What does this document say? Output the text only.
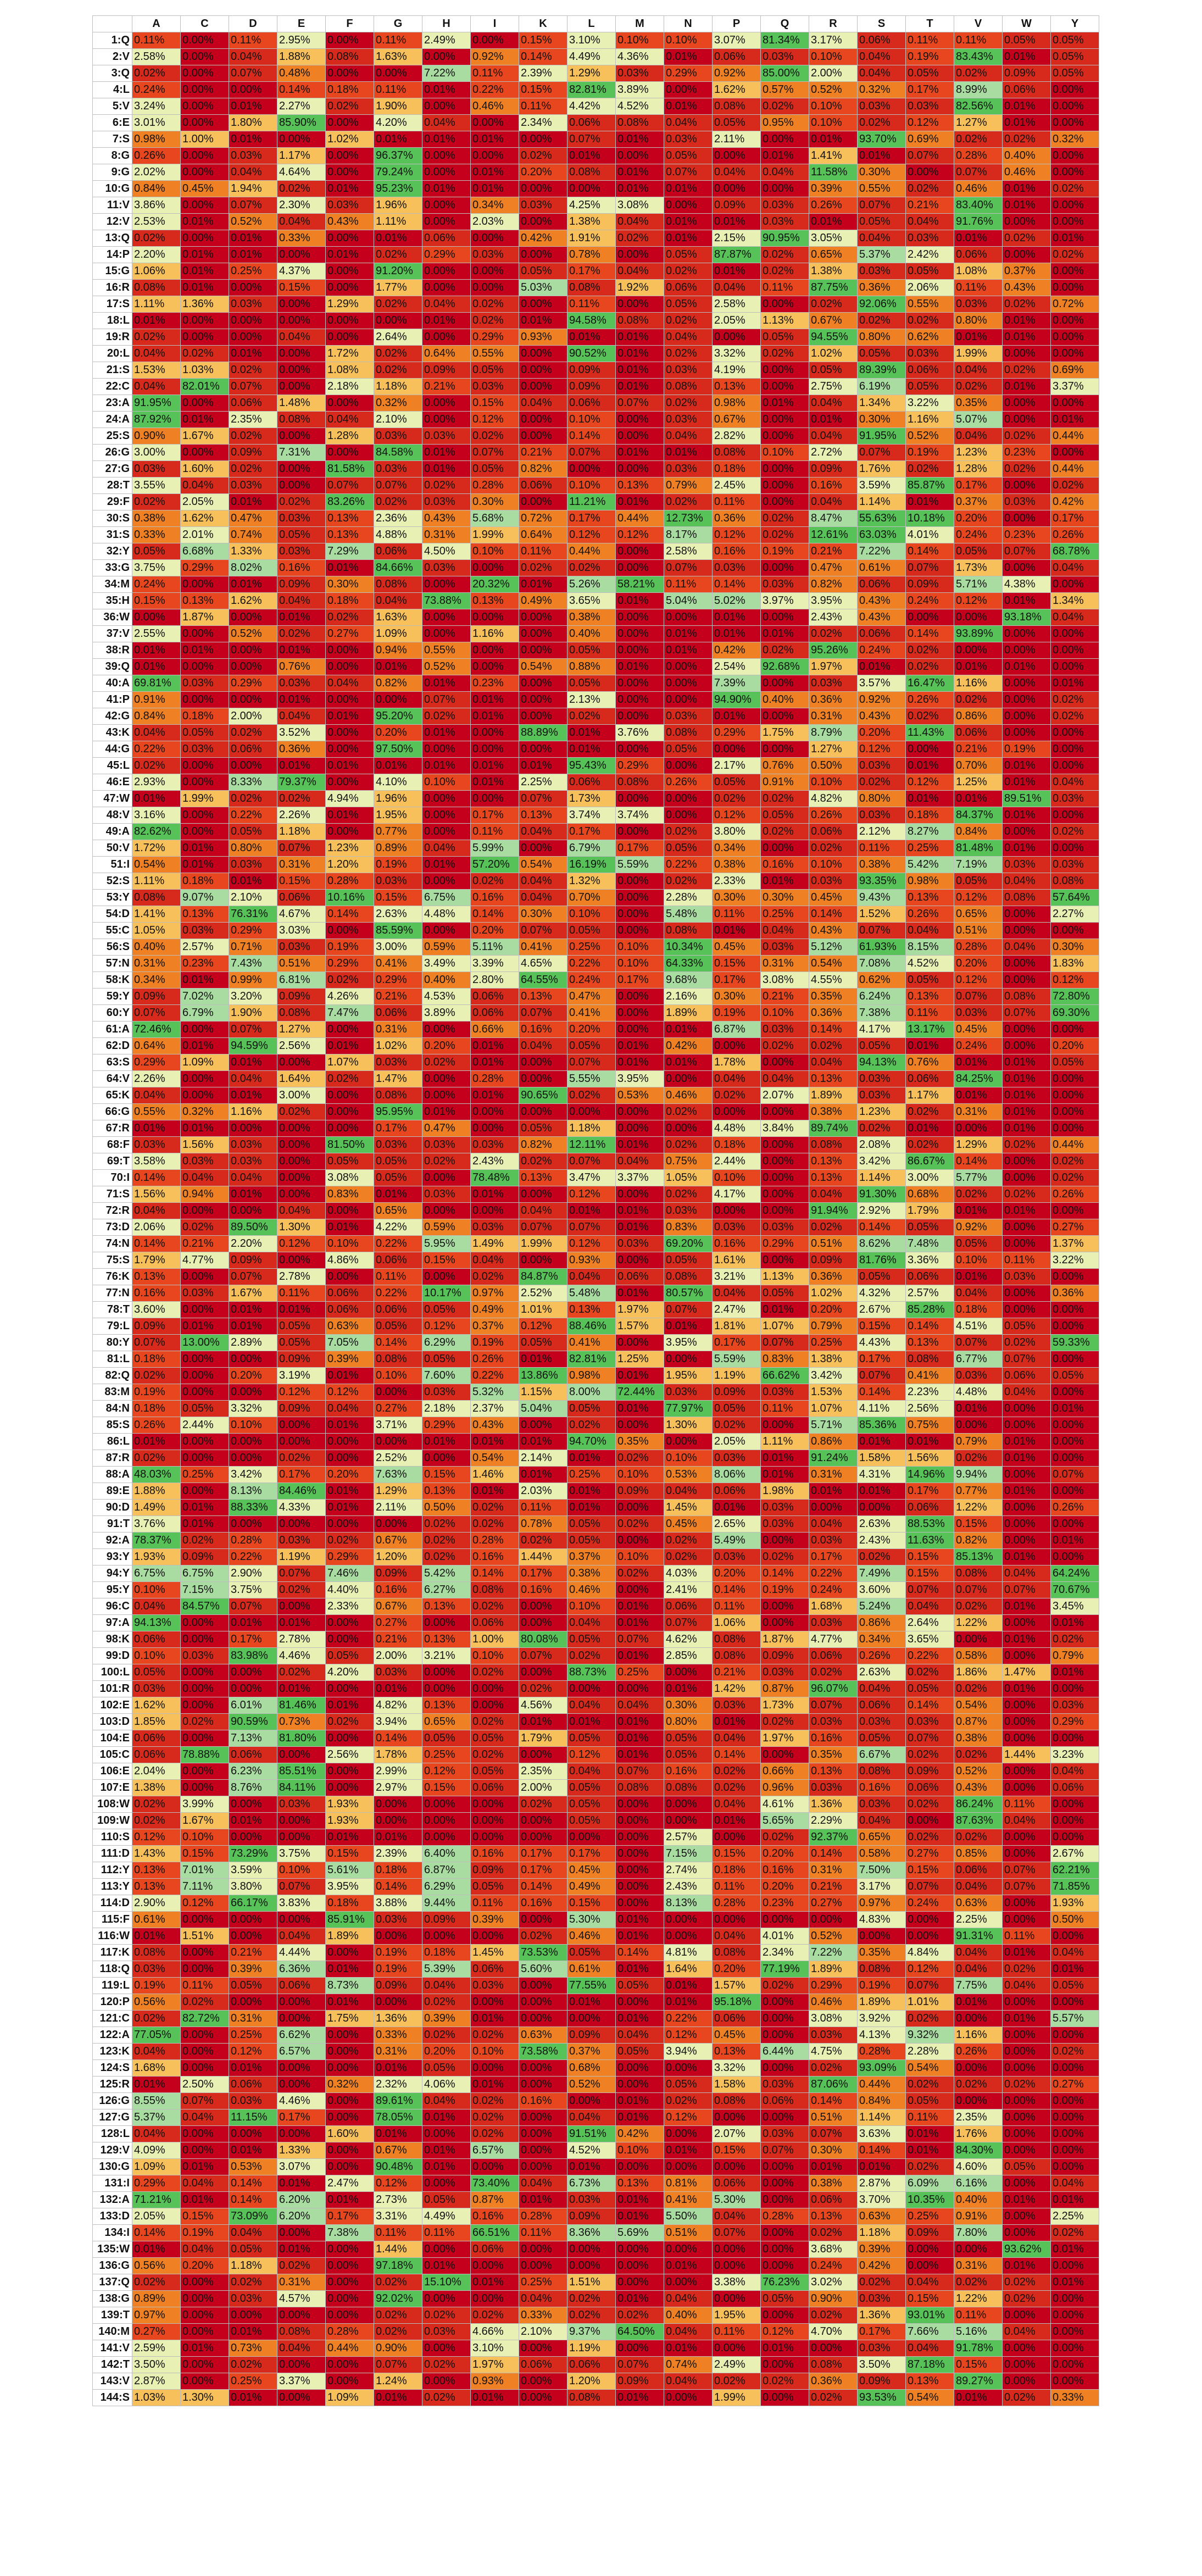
	A	C	D	E	F	G	H	I	K	L	M	N	P	Q	R	S	T	V	W	Y
1:Q	0.11%	0.00%	0.11%	2.95%	0.00%	0.11%	2.49%	0.00%	0.15%	3.10%	0.10%	0.10%	3.07%	81.34%	3.17%	0.06%	0.11%	0.11%	0.05%	0.05%
2:V	2.58%	0.00%	0.04%	1.88%	0.08%	1.63%	0.00%	0.92%	0.14%	4.49%	4.36%	0.01%	0.06%	0.03%	0.10%	0.04%	0.19%	83.43%	0.01%	0.05%
3:Q	0.02%	0.00%	0.07%	0.48%	0.00%	0.00%	7.22%	0.11%	2.39%	1.29%	0.03%	0.29%	0.92%	85.00%	2.00%	0.04%	0.05%	0.02%	0.09%	0.05%
4:L	0.24%	0.00%	0.00%	0.14%	0.18%	0.11%	0.01%	0.22%	0.15%	82.81%	3.89%	0.00%	1.62%	0.57%	0.52%	0.32%	0.17%	8.99%	0.06%	0.00%
5:V	3.24%	0.00%	0.01%	2.27%	0.02%	1.90%	0.00%	0.46%	0.11%	4.42%	4.52%	0.01%	0.08%	0.02%	0.10%	0.03%	0.03%	82.56%	0.01%	0.00%
6:E	3.01%	0.00%	1.80%	85.90%	0.00%	4.20%	0.04%	0.00%	2.34%	0.06%	0.08%	0.04%	0.05%	0.95%	0.10%	0.02%	0.12%	1.27%	0.01%	0.00%
7:S	0.98%	1.00%	0.01%	0.00%	1.02%	0.01%	0.01%	0.01%	0.00%	0.07%	0.01%	0.03%	2.11%	0.00%	0.01%	93.70%	0.69%	0.02%	0.02%	0.32%
8:G	0.26%	0.00%	0.03%	1.17%	0.00%	96.37%	0.00%	0.00%	0.02%	0.01%	0.00%	0.05%	0.00%	0.01%	1.41%	0.01%	0.07%	0.28%	0.40%	0.00%
9:G	2.02%	0.00%	0.04%	4.64%	0.00%	79.24%	0.00%	0.01%	0.20%	0.08%	0.01%	0.07%	0.04%	0.04%	11.58%	0.30%	0.00%	0.07%	0.46%	0.00%
10:G	0.84%	0.45%	1.94%	0.02%	0.01%	95.23%	0.01%	0.01%	0.00%	0.00%	0.01%	0.01%	0.00%	0.00%	0.39%	0.55%	0.02%	0.46%	0.01%	0.02%
11:V	3.86%	0.00%	0.07%	2.30%	0.03%	1.96%	0.00%	0.34%	0.03%	4.25%	3.08%	0.00%	0.09%	0.03%	0.26%	0.07%	0.21%	83.40%	0.01%	0.00%
12:V	2.53%	0.01%	0.52%	0.04%	0.43%	1.11%	0.00%	2.03%	0.00%	1.38%	0.04%	0.01%	0.01%	0.03%	0.01%	0.05%	0.04%	91.76%	0.00%	0.00%
13:Q	0.02%	0.00%	0.01%	0.33%	0.00%	0.01%	0.06%	0.00%	0.42%	1.91%	0.02%	0.01%	2.15%	90.95%	3.05%	0.04%	0.03%	0.01%	0.02%	0.01%
14:P	2.20%	0.01%	0.01%	0.00%	0.01%	0.02%	0.29%	0.03%	0.00%	0.78%	0.00%	0.05%	87.87%	0.02%	0.65%	5.37%	2.42%	0.06%	0.00%	0.02%
15:G	1.06%	0.01%	0.25%	4.37%	0.00%	91.20%	0.00%	0.00%	0.05%	0.17%	0.04%	0.02%	0.01%	0.02%	1.38%	0.03%	0.05%	1.08%	0.37%	0.00%
16:R	0.08%	0.01%	0.00%	0.15%	0.00%	1.77%	0.00%	0.00%	5.03%	0.08%	1.92%	0.06%	0.04%	0.11%	87.75%	0.36%	2.06%	0.11%	0.43%	0.00%
17:S	1.11%	1.36%	0.03%	0.00%	1.29%	0.02%	0.04%	0.02%	0.00%	0.11%	0.00%	0.05%	2.58%	0.00%	0.02%	92.06%	0.55%	0.03%	0.02%	0.72%
18:L	0.01%	0.00%	0.00%	0.00%	0.00%	0.00%	0.01%	0.02%	0.01%	94.58%	0.08%	0.02%	2.05%	1.13%	0.67%	0.02%	0.02%	0.80%	0.01%	0.00%
19:R	0.02%	0.00%	0.00%	0.04%	0.00%	2.64%	0.00%	0.29%	0.93%	0.01%	0.01%	0.04%	0.00%	0.05%	94.55%	0.80%	0.62%	0.01%	0.01%	0.00%
20:L	0.04%	0.02%	0.01%	0.00%	1.72%	0.02%	0.64%	0.55%	0.00%	90.52%	0.01%	0.02%	3.32%	0.02%	1.02%	0.05%	0.03%	1.99%	0.00%	0.00%
21:S	1.53%	1.03%	0.02%	0.00%	1.08%	0.02%	0.09%	0.05%	0.00%	0.09%	0.01%	0.03%	4.19%	0.00%	0.05%	89.39%	0.06%	0.04%	0.02%	0.69%
22:C	0.04%	82.01%	0.07%	0.00%	2.18%	1.18%	0.21%	0.03%	0.00%	0.09%	0.01%	0.08%	0.13%	0.00%	2.75%	6.19%	0.05%	0.02%	0.01%	3.37%
23:A	91.95%	0.00%	0.06%	1.48%	0.00%	0.32%	0.00%	0.15%	0.04%	0.06%	0.07%	0.02%	0.98%	0.01%	0.04%	1.34%	3.22%	0.35%	0.00%	0.00%
24:A	87.92%	0.01%	2.35%	0.08%	0.04%	2.10%	0.00%	0.12%	0.00%	0.10%	0.00%	0.03%	0.67%	0.00%	0.01%	0.30%	1.16%	5.07%	0.00%	0.01%
25:S	0.90%	1.67%	0.02%	0.00%	1.28%	0.03%	0.03%	0.02%	0.00%	0.14%	0.00%	0.04%	2.82%	0.00%	0.04%	91.95%	0.52%	0.04%	0.02%	0.44%
26:G	3.00%	0.00%	0.09%	7.31%	0.00%	84.58%	0.01%	0.07%	0.21%	0.07%	0.01%	0.01%	0.08%	0.10%	2.72%	0.07%	0.19%	1.23%	0.23%	0.00%
27:G	0.03%	1.60%	0.02%	0.00%	81.58%	0.03%	0.01%	0.05%	0.82%	0.00%	0.00%	0.03%	0.18%	0.00%	0.09%	1.76%	0.02%	1.28%	0.02%	0.44%
28:T	3.55%	0.04%	0.03%	0.00%	0.07%	0.07%	0.02%	0.28%	0.06%	0.10%	0.13%	0.79%	2.45%	0.00%	0.16%	3.59%	85.87%	0.17%	0.00%	0.02%
29:F	0.02%	2.05%	0.01%	0.02%	83.26%	0.02%	0.03%	0.30%	0.00%	11.21%	0.01%	0.02%	0.11%	0.00%	0.04%	1.14%	0.01%	0.37%	0.03%	0.42%
30:S	0.38%	1.62%	0.47%	0.03%	0.13%	2.36%	0.43%	5.68%	0.72%	0.17%	0.44%	12.73%	0.36%	0.02%	8.47%	55.63%	10.18%	0.20%	0.00%	0.17%
31:S	0.33%	2.01%	0.74%	0.05%	0.13%	4.88%	0.31%	1.99%	0.64%	0.12%	0.12%	8.17%	0.12%	0.02%	12.61%	63.03%	4.01%	0.24%	0.23%	0.26%
32:Y	0.05%	6.68%	1.33%	0.03%	7.29%	0.06%	4.50%	0.10%	0.11%	0.44%	0.00%	2.58%	0.16%	0.19%	0.21%	7.22%	0.14%	0.05%	0.07%	68.78%
33:G	3.75%	0.29%	8.02%	0.16%	0.01%	84.66%	0.03%	0.00%	0.02%	0.02%	0.00%	0.07%	0.03%	0.00%	0.47%	0.61%	0.07%	1.73%	0.00%	0.04%
34:M	0.24%	0.00%	0.01%	0.09%	0.30%	0.08%	0.00%	20.32%	0.01%	5.26%	58.21%	0.11%	0.14%	0.03%	0.82%	0.06%	0.09%	5.71%	4.38%	0.00%
35:H	0.15%	0.13%	1.62%	0.04%	0.18%	0.04%	73.88%	0.13%	0.49%	3.65%	0.01%	5.04%	5.02%	3.97%	3.95%	0.43%	0.24%	0.12%	0.01%	1.34%
36:W	0.00%	1.87%	0.00%	0.01%	0.02%	1.63%	0.00%	0.00%	0.00%	0.38%	0.00%	0.00%	0.01%	0.00%	2.43%	0.43%	0.00%	0.00%	93.18%	0.04%
37:V	2.55%	0.00%	0.52%	0.02%	0.27%	1.09%	0.00%	1.16%	0.00%	0.40%	0.00%	0.01%	0.01%	0.01%	0.02%	0.06%	0.14%	93.89%	0.00%	0.00%
38:R	0.01%	0.01%	0.00%	0.01%	0.00%	0.94%	0.55%	0.00%	0.00%	0.05%	0.00%	0.01%	0.42%	0.02%	95.26%	0.24%	0.02%	0.00%	0.00%	0.00%
39:Q	0.01%	0.00%	0.00%	0.76%	0.00%	0.01%	0.52%	0.00%	0.54%	0.88%	0.01%	0.00%	2.54%	92.68%	1.97%	0.01%	0.02%	0.01%	0.01%	0.00%
40:A	69.81%	0.03%	0.29%	0.03%	0.04%	0.82%	0.01%	0.23%	0.00%	0.05%	0.00%	0.00%	7.39%	0.00%	0.03%	3.57%	16.47%	1.16%	0.00%	0.01%
41:P	0.91%	0.00%	0.00%	0.01%	0.00%	0.00%	0.07%	0.01%	0.00%	2.13%	0.00%	0.00%	94.90%	0.40%	0.36%	0.92%	0.26%	0.02%	0.00%	0.02%
42:G	0.84%	0.18%	2.00%	0.04%	0.01%	95.20%	0.02%	0.01%	0.00%	0.02%	0.00%	0.03%	0.01%	0.00%	0.31%	0.43%	0.02%	0.86%	0.00%	0.02%
43:K	0.04%	0.05%	0.02%	3.52%	0.00%	0.20%	0.01%	0.00%	88.89%	0.01%	3.76%	0.08%	0.29%	1.75%	8.79%	0.20%	11.43%	0.06%	0.00%	0.00%
44:G	0.22%	0.03%	0.06%	0.36%	0.00%	97.50%	0.00%	0.00%	0.00%	0.01%	0.00%	0.05%	0.00%	0.00%	1.27%	0.12%	0.00%	0.21%	0.19%	0.00%
45:L	0.02%	0.00%	0.00%	0.01%	0.01%	0.01%	0.01%	0.01%	0.01%	95.43%	0.29%	0.00%	2.17%	0.76%	0.50%	0.03%	0.01%	0.70%	0.01%	0.00%
46:E	2.93%	0.00%	8.33%	79.37%	0.00%	4.10%	0.10%	0.01%	2.25%	0.06%	0.08%	0.26%	0.05%	0.91%	0.10%	0.02%	0.12%	1.25%	0.01%	0.04%
47:W	0.01%	1.99%	0.02%	0.02%	4.94%	1.96%	0.00%	0.00%	0.07%	1.73%	0.00%	0.00%	0.02%	0.02%	4.82%	0.80%	0.01%	0.01%	89.51%	0.03%
48:V	3.16%	0.00%	0.22%	2.26%	0.01%	1.95%	0.00%	0.17%	0.13%	3.74%	3.74%	0.00%	0.12%	0.05%	0.26%	0.03%	0.18%	84.37%	0.01%	0.00%
49:A	82.62%	0.00%	0.05%	1.18%	0.00%	0.77%	0.00%	0.11%	0.04%	0.17%	0.00%	0.02%	3.80%	0.02%	0.06%	2.12%	8.27%	0.84%	0.00%	0.02%
50:V	1.72%	0.01%	0.80%	0.07%	1.23%	0.89%	0.04%	5.99%	0.00%	6.79%	0.17%	0.05%	0.34%	0.00%	0.02%	0.11%	0.25%	81.48%	0.01%	0.00%
51:I	0.54%	0.01%	0.03%	0.31%	1.20%	0.19%	0.01%	57.20%	0.54%	16.19%	5.59%	0.22%	0.38%	0.16%	0.10%	0.38%	5.42%	7.19%	0.03%	0.03%
52:S	1.11%	0.18%	0.01%	0.15%	0.28%	0.03%	0.00%	0.02%	0.04%	1.32%	0.00%	0.02%	2.33%	0.01%	0.03%	93.35%	0.98%	0.05%	0.04%	0.08%
53:Y	0.08%	9.07%	2.10%	0.06%	10.16%	0.15%	6.75%	0.16%	0.04%	0.70%	0.00%	2.28%	0.30%	0.30%	0.45%	9.43%	0.13%	0.12%	0.08%	57.64%
54:D	1.41%	0.13%	76.31%	4.67%	0.14%	2.63%	4.48%	0.14%	0.30%	0.10%	0.00%	5.48%	0.11%	0.25%	0.14%	1.52%	0.26%	0.65%	0.00%	2.27%
55:C	1.05%	0.03%	0.29%	3.03%	0.00%	85.59%	0.00%	0.20%	0.07%	0.05%	0.00%	0.08%	0.01%	0.04%	0.43%	0.07%	0.04%	0.51%	0.00%	0.00%
56:S	0.40%	2.57%	0.71%	0.03%	0.19%	3.00%	0.59%	5.11%	0.41%	0.25%	0.10%	10.34%	0.45%	0.03%	5.12%	61.93%	8.15%	0.28%	0.04%	0.30%
57:N	0.31%	0.23%	7.43%	0.51%	0.29%	0.41%	3.49%	3.39%	4.65%	0.22%	0.10%	64.33%	0.15%	0.31%	0.54%	7.08%	4.52%	0.20%	0.00%	1.83%
58:K	0.34%	0.01%	0.99%	6.81%	0.02%	0.29%	0.40%	2.80%	64.55%	0.24%	0.17%	9.68%	0.17%	3.08%	4.55%	0.62%	0.05%	0.12%	0.00%	0.12%
59:Y	0.09%	7.02%	3.20%	0.09%	4.26%	0.21%	4.53%	0.06%	0.13%	0.47%	0.00%	2.16%	0.30%	0.21%	0.35%	6.24%	0.13%	0.07%	0.08%	72.80%
60:Y	0.07%	6.79%	1.90%	0.08%	7.47%	0.06%	3.89%	0.06%	0.07%	0.41%	0.00%	1.89%	0.19%	0.10%	0.36%	7.38%	0.11%	0.03%	0.07%	69.30%
61:A	72.46%	0.00%	0.07%	1.27%	0.00%	0.31%	0.00%	0.66%	0.16%	0.20%	0.00%	0.01%	6.87%	0.03%	0.14%	4.17%	13.17%	0.45%	0.00%	0.00%
62:D	0.64%	0.01%	94.59%	2.56%	0.01%	1.02%	0.20%	0.01%	0.04%	0.05%	0.01%	0.42%	0.00%	0.02%	0.02%	0.05%	0.01%	0.24%	0.00%	0.20%
63:S	0.29%	1.09%	0.01%	0.00%	1.07%	0.03%	0.02%	0.01%	0.00%	0.07%	0.01%	0.01%	1.78%	0.00%	0.04%	94.13%	0.76%	0.01%	0.01%	0.05%
64:V	2.26%	0.00%	0.04%	1.64%	0.02%	1.47%	0.00%	0.28%	0.00%	5.55%	3.95%	0.00%	0.04%	0.04%	0.13%	0.03%	0.06%	84.25%	0.01%	0.00%
65:K	0.04%	0.00%	0.01%	3.00%	0.00%	0.08%	0.00%	0.01%	90.65%	0.02%	0.53%	0.46%	0.02%	2.07%	1.89%	0.03%	1.17%	0.01%	0.01%	0.00%
66:G	0.55%	0.32%	1.16%	0.02%	0.00%	95.95%	0.01%	0.00%	0.00%	0.00%	0.00%	0.02%	0.00%	0.00%	0.38%	1.23%	0.02%	0.31%	0.01%	0.00%
67:R	0.01%	0.01%	0.00%	0.00%	0.00%	0.17%	0.47%	0.00%	0.05%	1.18%	0.00%	0.00%	4.48%	3.84%	89.74%	0.02%	0.01%	0.00%	0.01%	0.00%
68:F	0.03%	1.56%	0.03%	0.00%	81.50%	0.03%	0.03%	0.03%	0.82%	12.11%	0.01%	0.02%	0.18%	0.00%	0.08%	2.08%	0.02%	1.29%	0.02%	0.44%
69:T	3.58%	0.03%	0.03%	0.00%	0.05%	0.05%	0.02%	2.43%	0.02%	0.07%	0.04%	0.75%	2.44%	0.00%	0.13%	3.42%	86.67%	0.14%	0.00%	0.02%
70:I	0.14%	0.04%	0.04%	0.00%	3.08%	0.05%	0.00%	78.48%	0.13%	3.47%	3.37%	1.05%	0.10%	0.00%	0.13%	1.14%	3.00%	5.77%	0.00%	0.02%
71:S	1.56%	0.94%	0.01%	0.00%	0.83%	0.01%	0.03%	0.01%	0.00%	0.12%	0.00%	0.02%	4.17%	0.00%	0.04%	91.30%	0.68%	0.02%	0.02%	0.26%
72:R	0.04%	0.00%	0.00%	0.04%	0.00%	0.65%	0.00%	0.00%	0.04%	0.01%	0.01%	0.03%	0.00%	0.00%	91.94%	2.92%	1.79%	0.01%	0.01%	0.00%
73:D	2.06%	0.02%	89.50%	1.30%	0.01%	4.22%	0.59%	0.03%	0.07%	0.07%	0.01%	0.83%	0.03%	0.03%	0.02%	0.14%	0.05%	0.92%	0.00%	0.27%
74:N	0.14%	0.21%	2.20%	0.12%	0.10%	0.22%	5.95%	1.49%	1.99%	0.12%	0.03%	69.20%	0.16%	0.29%	0.51%	8.62%	7.48%	0.05%	0.00%	1.37%
75:S	1.79%	4.77%	0.09%	0.00%	4.86%	0.06%	0.15%	0.04%	0.00%	0.93%	0.00%	0.05%	1.61%	0.00%	0.09%	81.76%	3.36%	0.10%	0.11%	3.22%
76:K	0.13%	0.00%	0.07%	2.78%	0.00%	0.11%	0.00%	0.02%	84.87%	0.04%	0.06%	0.08%	3.21%	1.13%	0.36%	0.05%	0.06%	0.01%	0.03%	0.00%
77:N	0.16%	0.03%	1.67%	0.11%	0.06%	0.22%	10.17%	0.97%	2.52%	5.48%	0.01%	80.57%	0.04%	0.05%	1.02%	4.32%	2.57%	0.04%	0.00%	0.36%
78:T	3.60%	0.00%	0.01%	0.01%	0.06%	0.06%	0.05%	0.49%	1.01%	0.13%	1.97%	0.07%	2.47%	0.01%	0.20%	2.67%	85.28%	0.18%	0.00%	0.00%
79:L	0.09%	0.01%	0.01%	0.05%	0.63%	0.05%	0.12%	0.37%	0.12%	88.46%	1.57%	0.01%	1.81%	1.07%	0.79%	0.15%	0.14%	4.51%	0.05%	0.00%
80:Y	0.07%	13.00%	2.89%	0.05%	7.05%	0.14%	6.29%	0.19%	0.05%	0.41%	0.00%	3.95%	0.17%	0.07%	0.25%	4.43%	0.13%	0.07%	0.02%	59.33%
81:L	0.18%	0.00%	0.00%	0.09%	0.39%	0.08%	0.05%	0.26%	0.01%	82.81%	1.25%	0.00%	5.59%	0.83%	1.38%	0.17%	0.08%	6.77%	0.07%	0.00%
82:Q	0.02%	0.00%	0.20%	3.19%	0.01%	0.10%	7.60%	0.22%	13.86%	0.98%	0.01%	1.95%	1.19%	66.62%	3.42%	0.07%	0.41%	0.03%	0.06%	0.05%
83:M	0.19%	0.00%	0.00%	0.12%	0.12%	0.00%	0.03%	5.32%	1.15%	8.00%	72.44%	0.03%	0.09%	0.03%	1.53%	0.14%	2.23%	4.48%	0.04%	0.00%
84:N	0.18%	0.05%	3.32%	0.09%	0.04%	0.27%	2.18%	2.37%	5.04%	0.05%	0.01%	77.97%	0.05%	0.11%	1.07%	4.11%	2.56%	0.01%	0.00%	0.01%
85:S	0.26%	2.44%	0.10%	0.00%	0.01%	3.71%	0.29%	0.43%	0.00%	0.02%	0.00%	1.30%	0.02%	0.00%	5.71%	85.36%	0.75%	0.00%	0.00%	0.00%
86:L	0.01%	0.00%	0.00%	0.00%	0.00%	0.00%	0.01%	0.01%	0.01%	94.70%	0.35%	0.00%	2.05%	1.11%	0.86%	0.01%	0.01%	0.79%	0.01%	0.00%
87:R	0.02%	0.00%	0.00%	0.02%	0.00%	2.52%	0.00%	0.54%	2.14%	0.01%	0.02%	0.10%	0.03%	0.01%	91.24%	1.58%	1.56%	0.02%	0.01%	0.00%
88:A	48.03%	0.25%	3.42%	0.17%	0.20%	7.63%	0.15%	1.46%	0.01%	0.25%	0.10%	0.53%	8.06%	0.01%	0.31%	4.31%	14.96%	9.94%	0.00%	0.07%
89:E	1.88%	0.00%	8.13%	84.46%	0.01%	1.29%	0.13%	0.01%	2.03%	0.01%	0.09%	0.04%	0.06%	1.98%	0.01%	0.01%	0.17%	0.77%	0.01%	0.00%
90:D	1.49%	0.01%	88.33%	4.33%	0.01%	2.11%	0.50%	0.02%	0.11%	0.01%	0.00%	1.45%	0.01%	0.03%	0.00%	0.00%	0.06%	1.22%	0.00%	0.26%
91:T	3.76%	0.01%	0.00%	0.00%	0.00%	0.00%	0.02%	0.02%	0.78%	0.05%	0.02%	0.45%	2.65%	0.03%	0.04%	2.63%	88.53%	0.15%	0.00%	0.00%
92:A	78.37%	0.02%	0.28%	0.03%	0.02%	0.67%	0.02%	0.28%	0.02%	0.05%	0.00%	0.02%	5.49%	0.00%	0.03%	2.43%	11.63%	0.82%	0.00%	0.01%
93:Y	1.93%	0.09%	0.22%	1.19%	0.29%	1.20%	0.02%	0.16%	1.44%	0.37%	0.10%	0.02%	0.03%	0.02%	0.17%	0.02%	0.15%	85.13%	0.01%	0.00%
94:Y	6.75%	6.75%	2.90%	0.07%	7.46%	0.09%	5.42%	0.14%	0.17%	0.38%	0.02%	4.03%	0.20%	0.14%	0.22%	7.49%	0.15%	0.08%	0.04%	64.24%
95:Y	0.10%	7.15%	3.75%	0.02%	4.40%	0.16%	6.27%	0.08%	0.16%	0.46%	0.00%	2.41%	0.14%	0.19%	0.24%	3.60%	0.07%	0.07%	0.07%	70.67%
96:C	0.04%	84.57%	0.07%	0.00%	2.33%	0.67%	0.13%	0.02%	0.00%	0.10%	0.01%	0.06%	0.11%	0.00%	1.68%	5.24%	0.04%	0.02%	0.01%	3.45%
97:A	94.13%	0.00%	0.01%	0.01%	0.00%	0.27%	0.00%	0.06%	0.00%	0.04%	0.01%	0.07%	1.06%	0.00%	0.03%	0.86%	2.64%	1.22%	0.00%	0.01%
98:K	0.06%	0.00%	0.17%	2.78%	0.00%	0.21%	0.13%	1.00%	80.08%	0.05%	0.07%	4.62%	0.08%	1.87%	4.77%	0.34%	3.65%	0.00%	0.01%	0.02%
99:D	0.10%	0.03%	83.98%	4.46%	0.05%	2.00%	3.21%	0.10%	0.07%	0.02%	0.01%	2.85%	0.08%	0.09%	0.06%	0.26%	0.22%	0.58%	0.00%	0.79%
100:L	0.05%	0.00%	0.00%	0.02%	4.20%	0.03%	0.00%	0.02%	0.00%	88.73%	0.25%	0.00%	0.21%	0.03%	0.02%	2.63%	0.02%	1.86%	1.47%	0.01%
101:R	0.03%	0.00%	0.00%	0.01%	0.00%	0.01%	0.00%	0.00%	0.02%	0.00%	0.00%	0.01%	1.42%	0.87%	96.07%	0.04%	0.05%	0.02%	0.01%	0.00%
102:E	1.62%	0.00%	6.01%	81.46%	0.01%	4.82%	0.13%	0.00%	4.56%	0.04%	0.04%	0.30%	0.03%	1.73%	0.07%	0.06%	0.14%	0.54%	0.00%	0.03%
103:D	1.85%	0.02%	90.59%	0.73%	0.02%	3.94%	0.65%	0.02%	0.01%	0.01%	0.01%	0.80%	0.01%	0.02%	0.03%	0.03%	0.03%	0.87%	0.00%	0.29%
104:E	0.06%	0.00%	7.13%	81.80%	0.00%	0.14%	0.05%	0.05%	1.79%	0.05%	0.01%	0.05%	0.04%	1.97%	0.16%	0.05%	0.07%	0.38%	0.00%	0.00%
105:C	0.06%	78.88%	0.06%	0.00%	2.56%	1.78%	0.25%	0.02%	0.00%	0.12%	0.01%	0.05%	0.14%	0.00%	0.35%	6.67%	0.02%	0.02%	1.44%	3.23%
106:E	2.04%	0.00%	6.23%	85.51%	0.00%	2.99%	0.12%	0.05%	2.35%	0.04%	0.07%	0.16%	0.02%	0.66%	0.13%	0.08%	0.09%	0.52%	0.00%	0.04%
107:E	1.38%	0.00%	8.76%	84.11%	0.00%	2.97%	0.15%	0.06%	2.00%	0.05%	0.08%	0.08%	0.02%	0.96%	0.03%	0.16%	0.06%	0.43%	0.00%	0.06%
108:W	0.02%	3.99%	0.00%	0.03%	1.93%	0.00%	0.00%	0.00%	0.02%	0.05%	0.00%	0.00%	0.04%	4.61%	1.36%	0.03%	0.02%	86.24%	0.11%	0.00%
109:W	0.02%	1.67%	0.01%	0.00%	1.93%	0.00%	0.00%	0.00%	0.00%	0.05%	0.00%	0.00%	0.01%	5.65%	2.29%	0.04%	0.00%	87.63%	0.04%	0.00%
110:S	0.12%	0.10%	0.00%	0.00%	0.01%	0.01%	0.00%	0.00%	0.00%	0.00%	0.00%	2.57%	0.00%	0.02%	92.37%	0.65%	0.02%	0.02%	0.00%	0.00%
111:D	1.43%	0.15%	73.29%	3.75%	0.15%	2.39%	6.40%	0.16%	0.17%	0.17%	0.00%	7.15%	0.15%	0.20%	0.14%	0.58%	0.27%	0.85%	0.00%	2.67%
112:Y	0.13%	7.01%	3.59%	0.10%	5.61%	0.18%	6.87%	0.09%	0.17%	0.45%	0.00%	2.74%	0.18%	0.16%	0.31%	7.50%	0.15%	0.06%	0.07%	62.21%
113:Y	0.13%	7.11%	3.80%	0.07%	3.95%	0.14%	6.29%	0.05%	0.14%	0.49%	0.00%	2.43%	0.11%	0.20%	0.21%	3.17%	0.07%	0.04%	0.07%	71.85%
114:D	2.90%	0.12%	66.17%	3.83%	0.18%	3.88%	9.44%	0.11%	0.16%	0.15%	0.00%	8.13%	0.28%	0.23%	0.27%	0.97%	0.24%	0.63%	0.00%	1.93%
115:F	0.61%	0.00%	0.00%	0.00%	85.91%	0.03%	0.09%	0.39%	0.00%	5.30%	0.01%	0.00%	0.00%	0.00%	0.00%	4.83%	0.00%	2.25%	0.00%	0.50%
116:W	0.01%	1.51%	0.00%	0.04%	1.89%	0.00%	0.00%	0.00%	0.02%	0.46%	0.01%	0.00%	0.04%	4.01%	0.52%	0.00%	0.00%	91.31%	0.11%	0.00%
117:K	0.08%	0.00%	0.21%	4.44%	0.00%	0.19%	0.18%	1.45%	73.53%	0.05%	0.14%	4.81%	0.08%	2.34%	7.22%	0.35%	4.84%	0.04%	0.01%	0.04%
118:Q	0.03%	0.00%	0.39%	6.36%	0.01%	0.19%	5.39%	0.06%	5.60%	0.61%	0.01%	1.64%	0.20%	77.19%	1.89%	0.08%	0.12%	0.04%	0.02%	0.01%
119:L	0.19%	0.11%	0.05%	0.06%	8.73%	0.09%	0.04%	0.03%	0.00%	77.55%	0.05%	0.01%	1.57%	0.02%	0.29%	0.19%	0.07%	7.75%	0.04%	0.05%
120:P	0.56%	0.02%	0.00%	0.00%	0.01%	0.00%	0.02%	0.00%	0.00%	0.01%	0.00%	0.01%	95.18%	0.00%	0.46%	1.89%	1.01%	0.01%	0.00%	0.00%
121:C	0.02%	82.72%	0.31%	0.00%	1.75%	1.36%	0.39%	0.01%	0.00%	0.00%	0.01%	0.22%	0.06%	0.00%	3.08%	3.92%	0.02%	0.00%	0.01%	5.57%
122:A	77.05%	0.00%	0.25%	6.62%	0.00%	0.33%	0.02%	0.02%	0.63%	0.09%	0.04%	0.12%	0.45%	0.00%	0.03%	4.13%	9.32%	1.16%	0.00%	0.00%
123:K	0.04%	0.00%	0.12%	6.57%	0.00%	0.31%	0.20%	0.10%	73.58%	0.37%	0.05%	3.94%	0.13%	6.44%	4.75%	0.28%	2.28%	0.26%	0.00%	0.02%
124:S	1.68%	0.00%	0.01%	0.00%	0.00%	0.01%	0.05%	0.00%	0.00%	0.68%	0.00%	0.00%	3.32%	0.00%	0.02%	93.09%	0.54%	0.00%	0.00%	0.00%
125:R	0.01%	2.50%	0.06%	0.00%	0.32%	2.32%	4.06%	0.01%	0.00%	0.52%	0.00%	0.05%	1.58%	0.03%	87.06%	0.44%	0.02%	0.02%	0.02%	0.27%
126:G	8.55%	0.07%	0.03%	4.46%	0.00%	89.61%	0.04%	0.02%	0.16%	0.00%	0.01%	0.02%	0.08%	0.06%	0.14%	0.84%	0.05%	0.00%	0.00%	0.00%
127:G	5.37%	0.04%	11.15%	0.17%	0.00%	78.05%	0.01%	0.02%	0.00%	0.04%	0.01%	0.12%	0.00%	0.00%	0.51%	1.14%	0.11%	2.35%	0.00%	0.00%
128:L	0.04%	0.00%	0.00%	0.00%	1.60%	0.01%	0.00%	0.02%	0.00%	91.51%	0.42%	0.00%	2.07%	0.03%	0.07%	3.63%	0.01%	1.76%	0.00%	0.00%
129:V	4.09%	0.00%	0.01%	1.33%	0.00%	0.67%	0.01%	6.57%	0.00%	4.52%	0.10%	0.01%	0.15%	0.07%	0.30%	0.14%	0.01%	84.30%	0.00%	0.00%
130:G	1.09%	0.01%	0.53%	3.07%	0.00%	90.48%	0.01%	0.00%	0.00%	0.01%	0.00%	0.00%	0.00%	0.00%	0.01%	0.01%	0.02%	4.60%	0.05%	0.00%
131:I	0.29%	0.04%	0.14%	0.01%	2.47%	0.12%	0.00%	73.40%	0.04%	6.73%	0.13%	0.81%	0.06%	0.00%	0.38%	2.87%	6.09%	6.16%	0.00%	0.04%
132:A	71.21%	0.01%	0.14%	6.20%	0.01%	2.73%	0.05%	0.87%	0.01%	0.03%	0.01%	0.41%	5.30%	0.00%	0.06%	3.70%	10.35%	0.40%	0.01%	0.01%
133:D	2.05%	0.15%	73.09%	6.20%	0.17%	3.31%	4.49%	0.16%	0.28%	0.09%	0.01%	5.50%	0.04%	0.28%	0.13%	0.63%	0.25%	0.91%	0.00%	2.25%
134:I	0.14%	0.19%	0.04%	0.00%	7.38%	0.11%	0.11%	66.51%	0.11%	8.36%	5.69%	0.51%	0.07%	0.00%	0.02%	1.18%	0.09%	7.80%	0.00%	0.02%
135:W	0.01%	0.04%	0.05%	0.01%	0.00%	1.44%	0.00%	0.06%	0.00%	0.00%	0.00%	0.00%	0.00%	0.00%	3.68%	0.39%	0.00%	0.00%	93.62%	0.01%
136:G	0.56%	0.20%	1.18%	0.02%	0.00%	97.18%	0.01%	0.00%	0.00%	0.00%	0.00%	0.01%	0.00%	0.00%	0.24%	0.42%	0.00%	0.31%	0.01%	0.00%
137:Q	0.02%	0.00%	0.02%	0.31%	0.00%	0.02%	15.10%	0.01%	0.25%	1.51%	0.00%	0.00%	3.38%	76.23%	3.02%	0.02%	0.04%	0.02%	0.02%	0.01%
138:G	0.89%	0.00%	0.03%	4.57%	0.00%	92.02%	0.00%	0.00%	0.04%	0.02%	0.01%	0.04%	0.00%	0.05%	0.90%	0.03%	0.15%	1.22%	0.02%	0.00%
139:T	0.97%	0.00%	0.00%	0.00%	0.00%	0.02%	0.02%	0.02%	0.33%	0.02%	0.02%	0.40%	1.95%	0.00%	0.02%	1.36%	93.01%	0.11%	0.00%	0.00%
140:M	0.27%	0.00%	0.01%	0.08%	0.28%	0.02%	0.03%	4.66%	2.10%	9.37%	64.50%	0.04%	0.11%	0.12%	4.70%	0.17%	7.66%	5.16%	0.04%	0.00%
141:V	2.59%	0.01%	0.73%	0.04%	0.44%	0.90%	0.00%	3.10%	0.00%	1.19%	0.00%	0.01%	0.00%	0.01%	0.00%	0.03%	0.04%	91.78%	0.00%	0.00%
142:T	3.50%	0.00%	0.02%	0.00%	0.00%	0.07%	0.02%	1.97%	0.06%	0.06%	0.07%	0.74%	2.49%	0.00%	0.08%	3.50%	87.18%	0.15%	0.00%	0.00%
143:V	2.87%	0.00%	0.25%	3.37%	0.00%	1.24%	0.00%	0.93%	0.00%	1.20%	0.09%	0.04%	0.02%	0.02%	0.36%	0.09%	0.13%	89.27%	0.00%	0.00%
144:S	1.03%	1.30%	0.01%	0.00%	1.09%	0.01%	0.02%	0.01%	0.00%	0.08%	0.01%	0.00%	1.99%	0.00%	0.02%	93.53%	0.54%	0.01%	0.02%	0.33%
